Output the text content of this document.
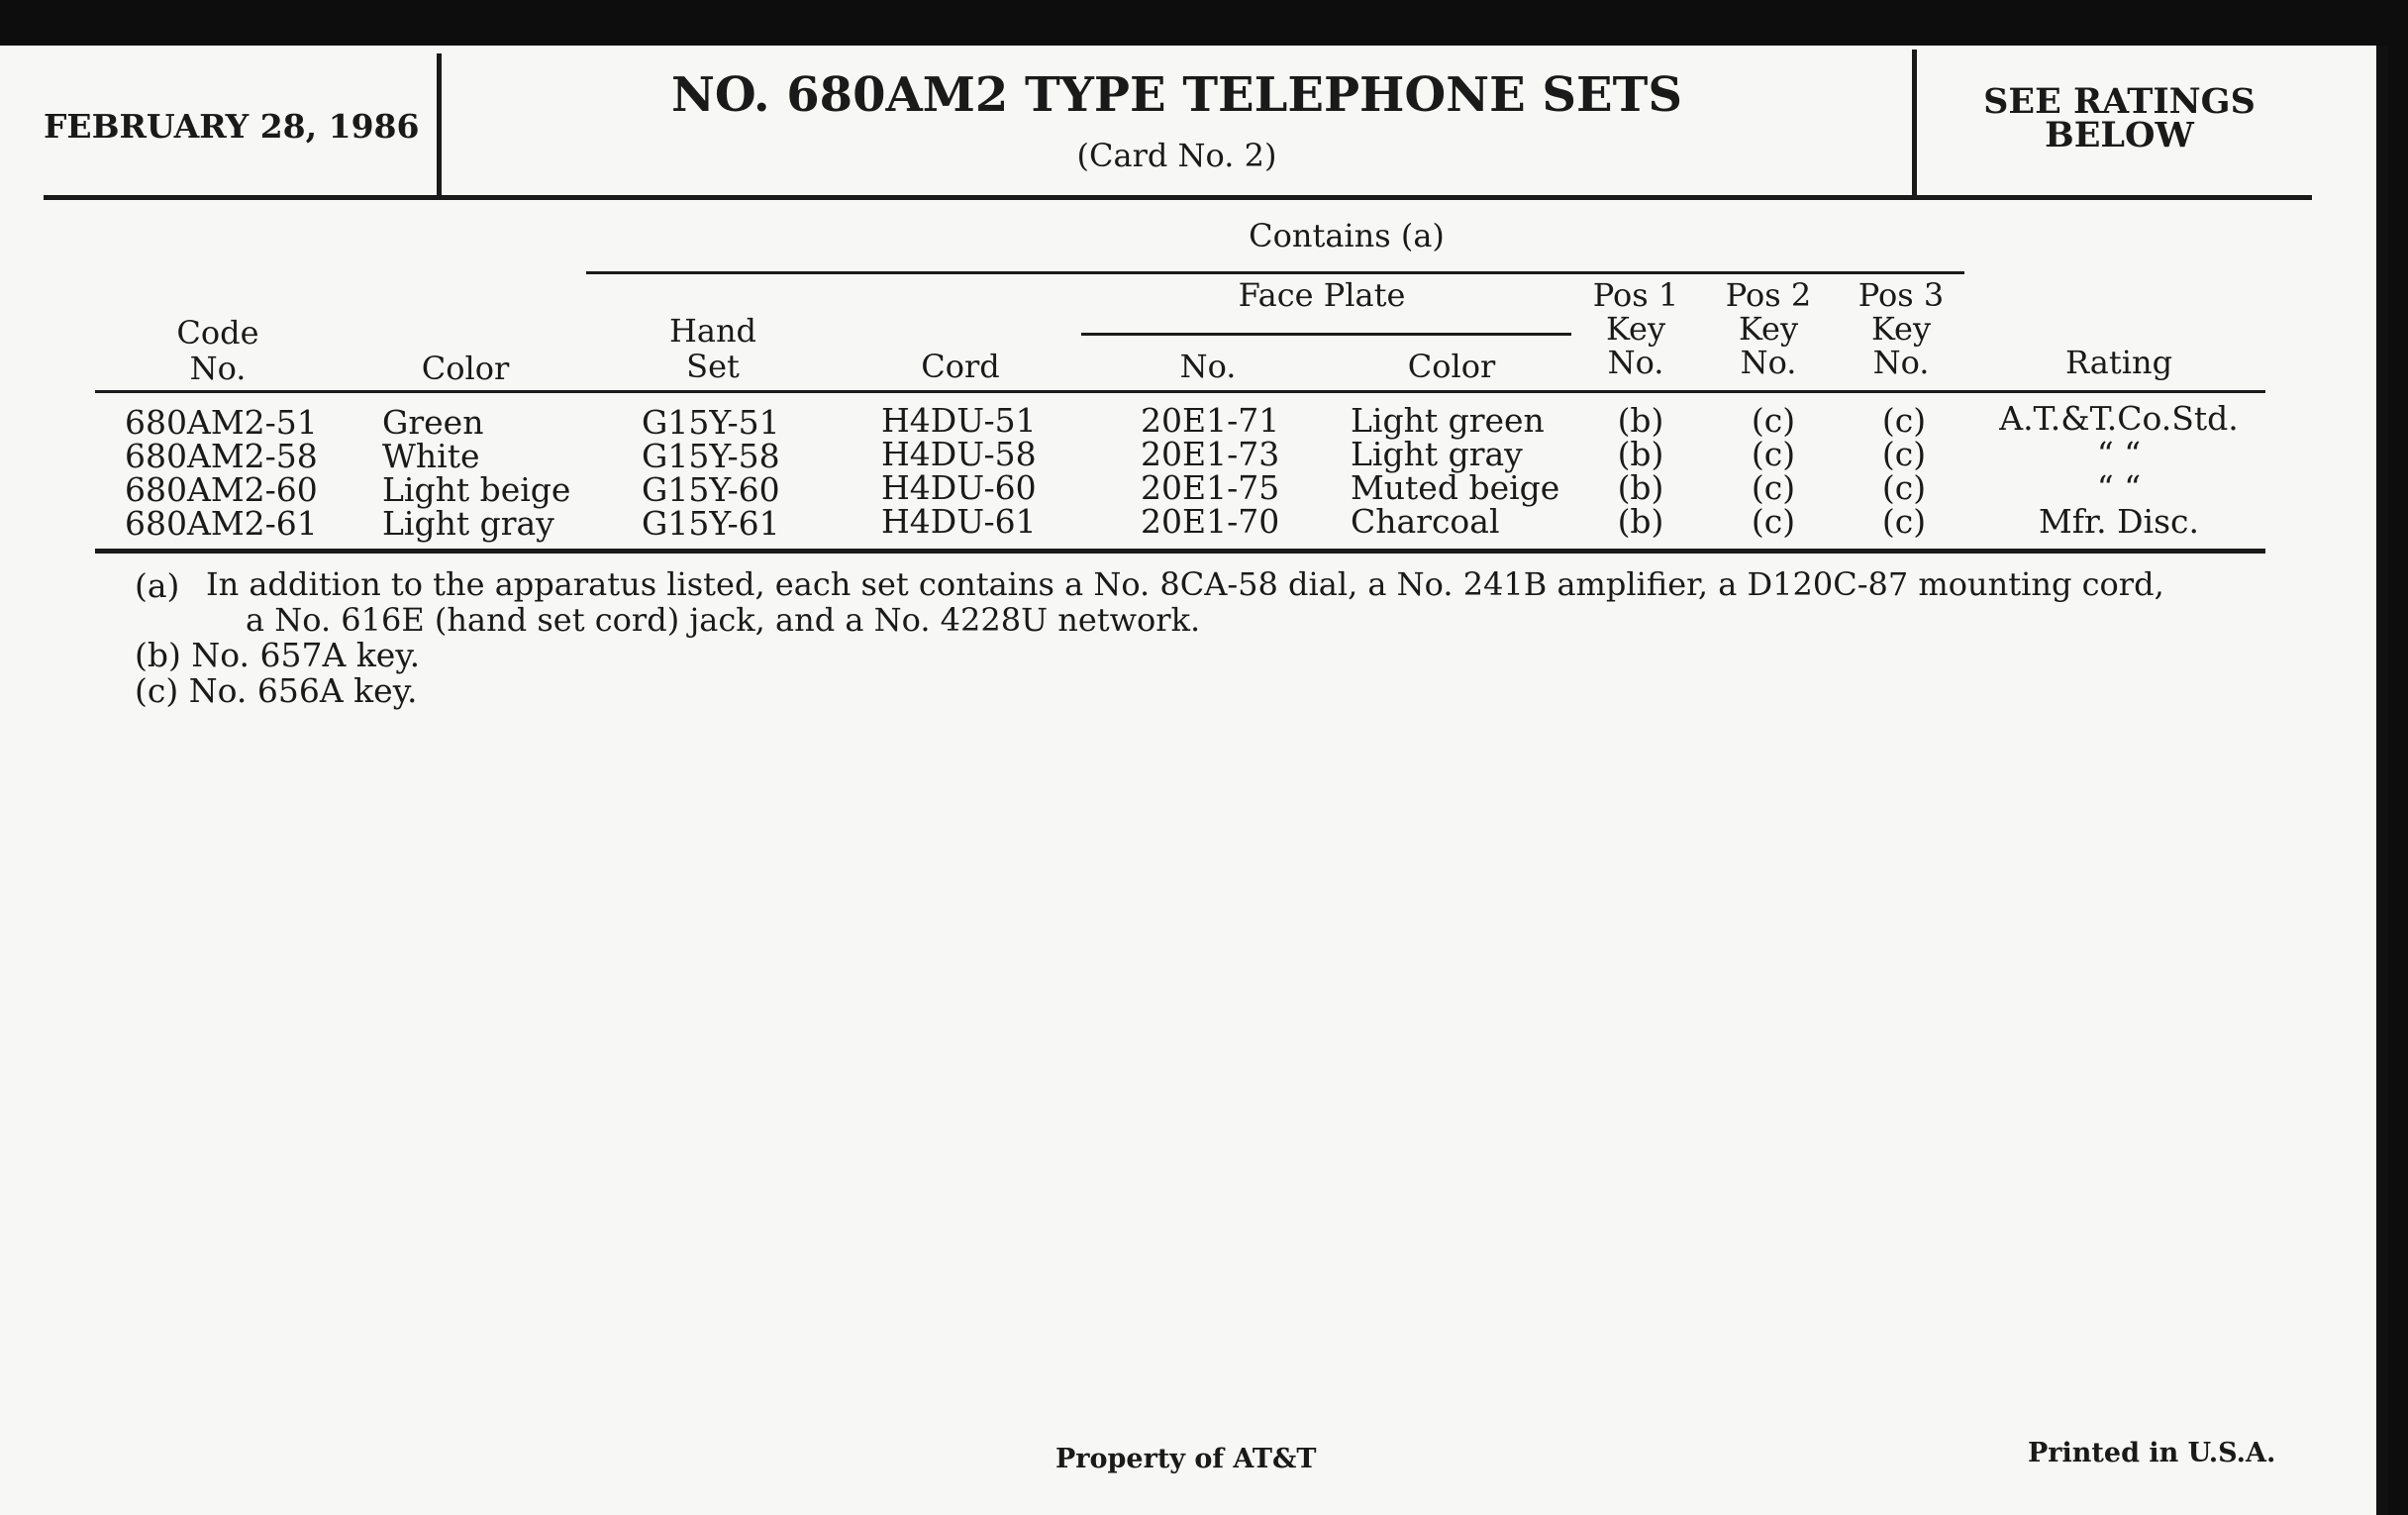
FEBRUARY 28, 1986
NO. 680AM2 TYPE TELEPHONE SETS
(Card No. 2)
SEE RATINGS
BELOW
Contains (a)
Face Plate
Code
No.	Color
Hand
Set	Cord	No.	Color
Pos 1
Key
No.
Pos 2
Key
No.
Pos 3
Key
No.	Rating
680AM2-51 Green	G15Y-51	H4DU-51	20E1-71 Light green	(b)	(c)	(c)	A.T.&T.Co.Std.
680AM2-58 White	G15Y-58	H4DU-58	20E1-73 Light gray	(b)	(c)	(c)	“ “
680AM2-60 Light beige G15Y-60	H4DU-60	20E1-75 Muted beige	(b)	(c)	(c)	“ “
680AM2-61 Light gray	G15Y-61	H4DU-61	20E1-70 Charcoal	(b)	(c)	(c)	Mfr. Disc.
(a) In addition to the apparatus listed, each set contains a No. 8CA-58 dial, a No. 241B amplifier, a D120C-87 mounting cord,
a No. 616E (hand set cord) jack, and a No. 4228U network.
(b) No. 657A key.
(c) No. 656A key.
Property of AT&T	Printed in U.S.A.
